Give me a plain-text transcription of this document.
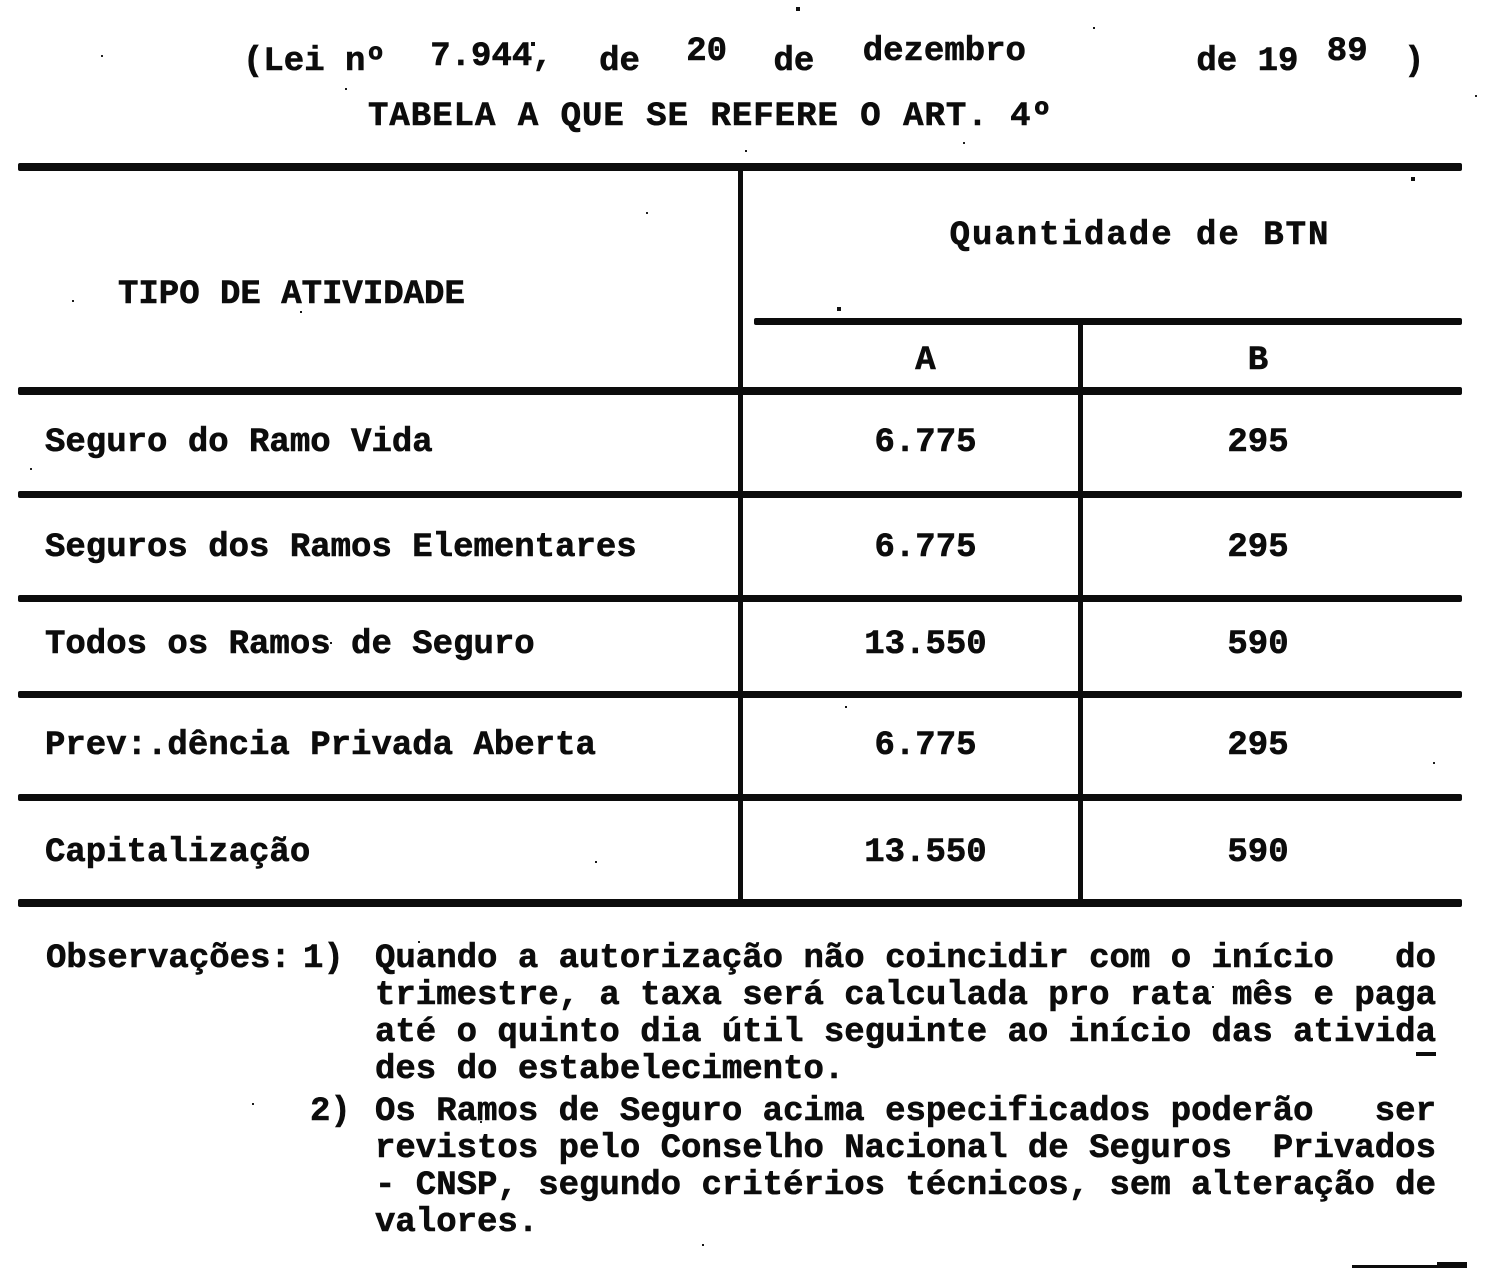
(Lei nº 7.944, de 20 de dezembro	de 19 89 )
TABELA A QUE SE REFERE O ART. 4º
TIPO DE ATIVIDADE
Quantidade de BTN
A	B
Seguro do Ramo Vida	6.775	295
Seguros dos Ramos Elementares	6.775	295
Todos os Ramos de Seguro	13.550	590
Prev:.dência Privada Aberta	6.775	295
Capitalização	13.550	590
Observações: 1) Quando a autorização não coincidir com o início   do
trimestre, a taxa será calculada pro rata mês e paga
até o quinto dia útil seguinte ao início das ativida
des do estabelecimento.
2) Os Ramos de Seguro acima especificados poderão   ser
revistos pelo Conselho Nacional de Seguros  Privados
- CNSP, segundo critérios técnicos, sem alteração de
valores.
